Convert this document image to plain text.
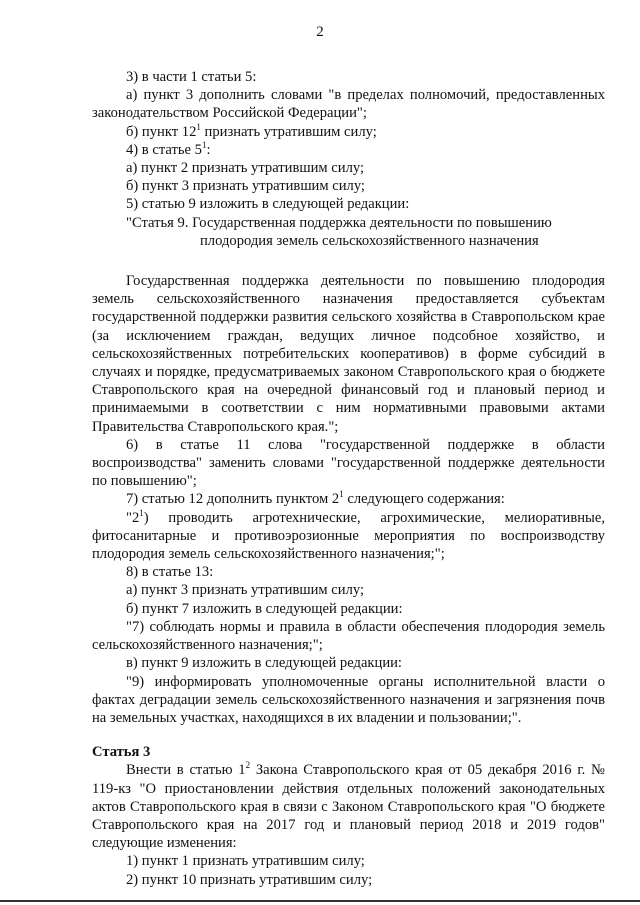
2

3) в части 1 статьи 5:

а) пункт 3 дополнить словами "в пределах полномочий, предоставленных законодательством Российской Федерации";

б) пункт $12^1$ признать утратившим силу;

4) в статье $5^1$:

а) пункт 2 признать утратившим силу;

б) пункт 3 признать утратившим силу;

5) статью 9 изложить в следующей редакции:

"Статья 9. Государственная поддержка деятельности по повышению

плодородия земель сельскохозяйственного назначения

Государственная поддержка деятельности по повышению плодородия земель сельскохозяйственного назначения предоставляется субъектам государственной поддержки развития сельского хозяйства в Ставропольском крае (за исключением граждан, ведущих личное подсобное хозяйство, и сельскохозяйственных потребительских кооперативов) в форме субсидий в случаях и порядке, предусматриваемых законом Ставропольского края о бюджете Ставропольского края на очередной финансовый год и плановый период и принимаемыми в соответствии с ним нормативными правовыми актами Правительства Ставропольского края.";

6) в статье 11 слова "государственной поддержке в области воспроизводства" заменить словами "государственной поддержке деятельности по повышению";

7) статью 12 дополнить пунктом $2^1$ следующего содержания:

"$2^1$) проводить агротехнические, агрохимические, мелиоративные, фитосанитарные и противоэрозионные мероприятия по воспроизводству плодородия земель сельскохозяйственного назначения;";

8) в статье 13:

а) пункт 3 признать утратившим силу;

б) пункт 7 изложить в следующей редакции:

"7) соблюдать нормы и правила в области обеспечения плодородия земель сельскохозяйственного назначения;";

в) пункт 9 изложить в следующей редакции:

"9) информировать уполномоченные органы исполнительной власти о фактах деградации земель сельскохозяйственного назначения и загрязнения почв на земельных участках, находящихся в их владении и пользовании;".

Статья 3

Внести в статью $1^2$ Закона Ставропольского края от 05 декабря 2016 г. № 119-кз "О приостановлении действия отдельных положений законодательных актов Ставропольского края в связи с Законом Ставропольского края "О бюджете Ставропольского края на 2017 год и плановый период 2018 и 2019 годов" следующие изменения:

1) пункт 1 признать утратившим силу;

2) пункт 10 признать утратившим силу;
